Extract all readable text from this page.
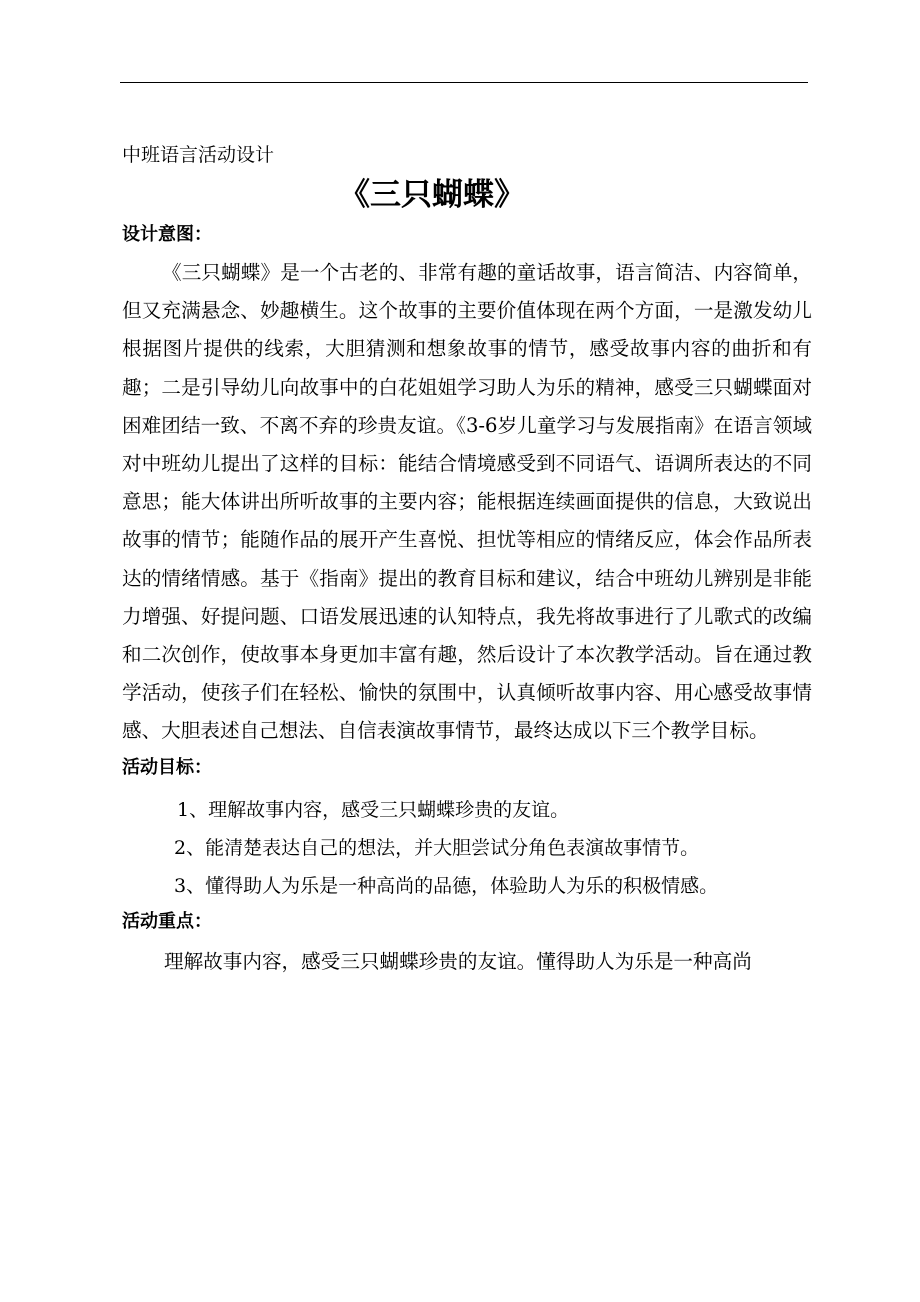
中班语言活动设计

《三只蝴蝶》
设计意图：

《三只蝴蝶》是一个古老的、非常有趣的童话故事，语言简洁、内容简单，但又充满悬念、妙趣横生。这个故事的主要价值体现在两个方面，一是激发幼儿根据图片提供的线索，大胆猜测和想象故事的情节，感受故事内容的曲折和有趣；二是引导幼儿向故事中的白花姐姐学习助人为乐的精神，感受三只蝴蝶面对困难团结一致、不离不弃的珍贵友谊。《3-6岁儿童学习与发展指南》在语言领域对中班幼儿提出了这样的目标：能结合情境感受到不同语气、语调所表达的不同意思；能大体讲出所听故事的主要内容；能根据连续画面提供的信息，大致说出故事的情节；能随作品的展开产生喜悦、担忧等相应的情绪反应，体会作品所表达的情绪情感。基于《指南》提出的教育目标和建议，结合中班幼儿辨别是非能力增强、好提问题、口语发展迅速的认知特点，我先将故事进行了儿歌式的改编和二次创作，使故事本身更加丰富有趣，然后设计了本次教学活动。旨在通过教学活动，使孩子们在轻松、愉快的氛围中，认真倾听故事内容、用心感受故事情感、大胆表述自己想法、自信表演故事情节，最终达成以下三个教学目标。

活动目标：

1、理解故事内容，感受三只蝴蝶珍贵的友谊。

2、能清楚表达自己的想法，并大胆尝试分角色表演故事情节。

3、懂得助人为乐是一种高尚的品德，体验助人为乐的积极情感。

活动重点：

理解故事内容，感受三只蝴蝶珍贵的友谊。懂得助人为乐是一种高尚
